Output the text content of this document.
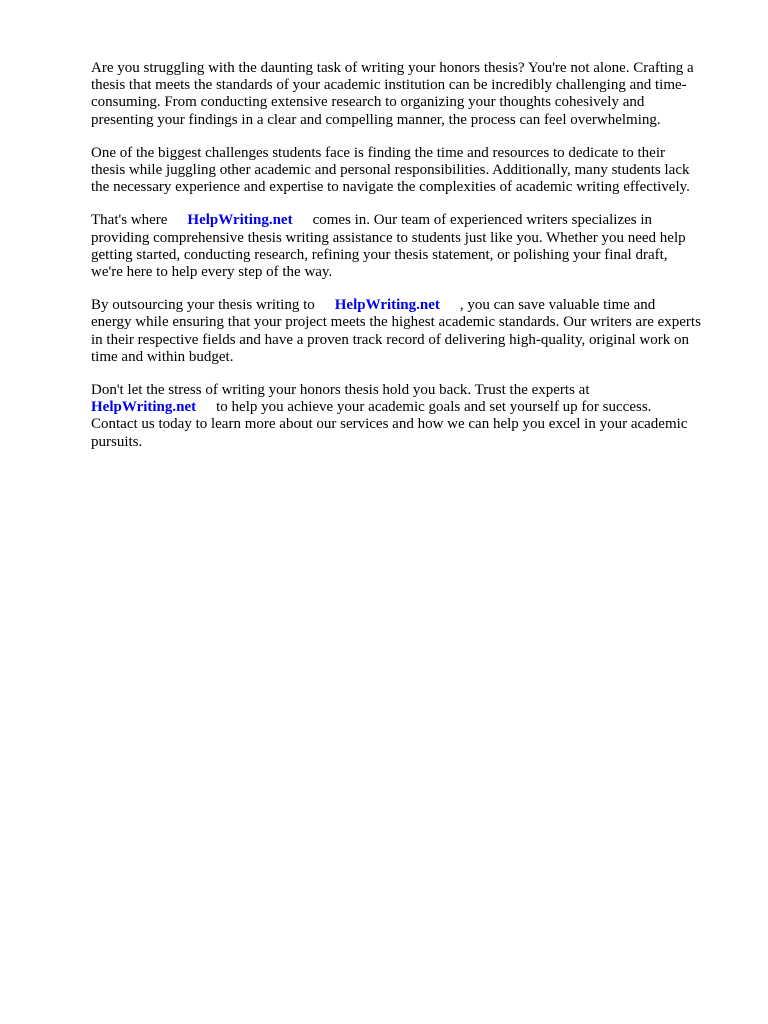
Are you struggling with the daunting task of writing your honors thesis? You're not alone. Crafting a
thesis that meets the standards of your academic institution can be incredibly challenging and time-
consuming. From conducting extensive research to organizing your thoughts cohesively and
presenting your findings in a clear and compelling manner, the process can feel overwhelming.

One of the biggest challenges students face is finding the time and resources to dedicate to their
thesis while juggling other academic and personal responsibilities. Additionally, many students lack
the necessary experience and expertise to navigate the complexities of academic writing effectively.

That's where HelpWriting.net comes in. Our team of experienced writers specializes in
providing comprehensive thesis writing assistance to students just like you. Whether you need help
getting started, conducting research, refining your thesis statement, or polishing your final draft,
we're here to help every step of the way.

By outsourcing your thesis writing to HelpWriting.net , you can save valuable time and
energy while ensuring that your project meets the highest academic standards. Our writers are experts
in their respective fields and have a proven track record of delivering high-quality, original work on
time and within budget.

Don't let the stress of writing your honors thesis hold you back. Trust the experts at
HelpWriting.net to help you achieve your academic goals and set yourself up for success.
Contact us today to learn more about our services and how we can help you excel in your academic
pursuits.
